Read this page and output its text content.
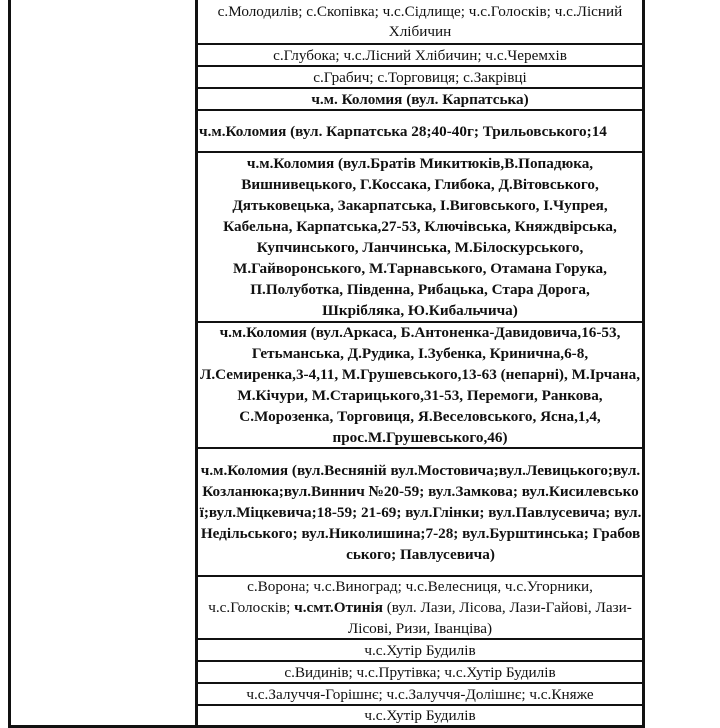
с.Молодилів; с.Скопівка; ч.с.Сідлище; ч.с.Голосків; ч.с.Лісний Хлібичин
с.Глубока; ч.с.Лісний Хлібичин; ч.с.Черемхів
с.Грабич; с.Торговиця; с.Закрівці
ч.м. Коломия (вул. Карпатська)
ч.м.Коломия (вул. Карпатська 28;40-40г; Трильовського;14
ч.м.Коломия (вул.Братів Микитюків,В.Попадюка, Вишнивецького, Г.Коссака, Глибока, Д.Вітовського, Дятьковецька, Закарпатська, І.Виговського, І.Чупрея, Кабельна, Карпатська,27-53, Ключівська, Княждвірська, Купчинського, Ланчинська, М.Білоскурського, М.Гайворонського, М.Тарнавського, Отамана Горука, П.Полуботка, Південна, Рибацька, Стара Дорога, Шкрібляка, Ю.Кибальчича)
ч.м.Коломия (вул.Аркаса, Б.Антоненка-Давидовича,16-53, Гетьманська, Д.Рудика, І.Зубенка, Кринична,6-8, Л.Семиренка,3-4,11, М.Грушевського,13-63 (непарні), М.Ірчана, М.Кічури, М.Старицького,31-53, Перемоги, Ранкова, С.Морозенка, Торговиця, Я.Веселовського, Ясна,1,4, прос.М.Грушевського,46)
ч.м.Коломия (вул.Весняній вул.Мостовича;вул.Левицького;вул.Козланюка;вул.Виннич №20-59; вул.Замкова; вул.Кисилевської;вул.Міцкевича;18-59; 21-69; вул.Глінки; вул.Павлусевича; вул.Недільського; вул.Николишина;7-28; вул.Бурштинська; Грабовського; Павлусевича)
с.Ворона; ч.с.Виноград; ч.с.Велесниця, ч.с.Угорники, ч.с.Голосків; ч.смт.Отинія (вул. Лази, Лісова, Лази-Гайові, Лази-Лісові, Ризи, Іванціва)
ч.с.Хутір Будилів
с.Видинів; ч.с.Прутівка; ч.с.Хутір Будилів
ч.с.Залуччя-Горішнє; ч.с.Залуччя-Долішнє; ч.с.Княже
ч.с.Хутір Будилів
